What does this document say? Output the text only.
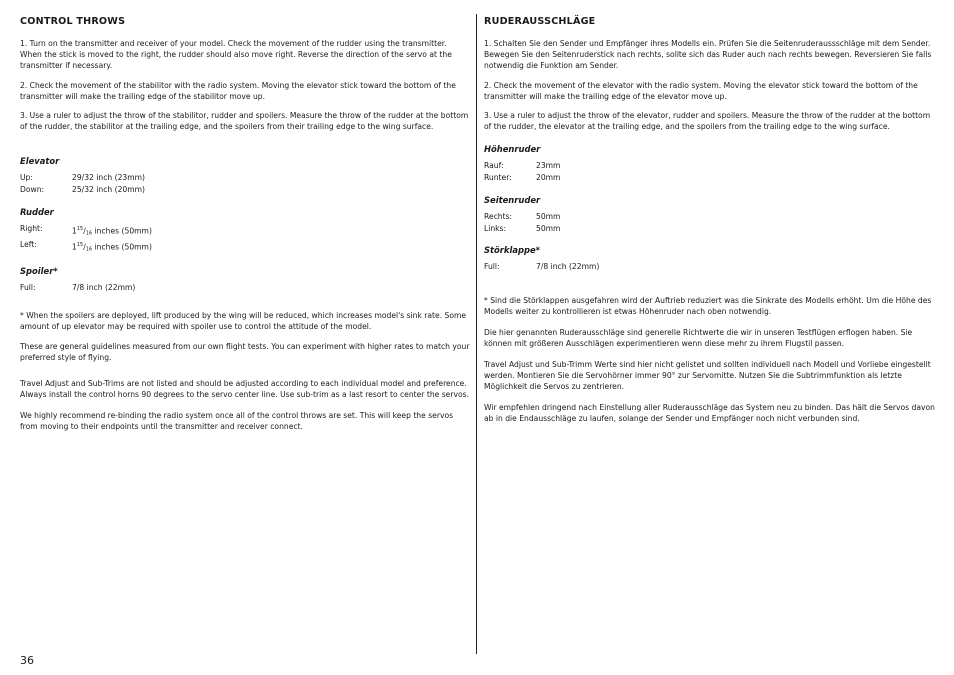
CONTROL THROWS

1. Turn on the transmitter and receiver of your model. Check the movement of the rudder using the transmitter. When the stick is moved to the right, the rudder should also move right. Reverse the direction of the servo at the transmitter if necessary.

2. Check the movement of the stabilitor with the radio system. Moving the elevator stick toward the bottom of the transmitter will make the trailing edge of the stabilitor move up.

3. Use a ruler to adjust the throw of the stabilitor, rudder and spoilers. Measure the throw of the rudder at the bottom of the rudder, the stabilitor at the trailing edge, and the spoilers from their trailing edge to the wing surface.

Elevator
Up:	29/32 inch (23mm)
Down:	25/32 inch (20mm)
Rudder
Right:	$1^{15}/_{16}$ inches (50mm)
Left:	$1^{15}/_{16}$ inches (50mm)
Spoiler*
Full:	7/8 inch (22mm)

* When the spoilers are deployed, lift produced by the wing will be reduced, which increases model's sink rate. Some amount of up elevator may be required with spoiler use to control the attitude of the model.

These are general guidelines measured from our own flight tests. You can experiment with higher rates to match your preferred style of flying.

Travel Adjust and Sub-Trims are not listed and should be adjusted according to each individual model and preference. Always install the control horns 90 degrees to the servo center line. Use sub-trim as a last resort to center the servos.

We highly recommend re-binding the radio system once all of the control throws are set. This will keep the servos from moving to their endpoints until the transmitter and receiver connect.

RUDERAUSSCHLÄGE

1. Schalten Sie den Sender und Empfänger ihres Modells ein. Prüfen Sie die Seitenruderaussschläge mit dem Sender. Bewegen Sie den Seitenruderstick nach rechts, sollte sich das Ruder auch nach rechts bewegen. Reversieren Sie falls notwendig die Funktion am Sender.

2. Check the movement of the elevator with the radio system. Moving the elevator stick toward the bottom of the transmitter will make the trailing edge of the elevator move up.

3. Use a ruler to adjust the throw of the elevator, rudder and spoilers. Measure the throw of the rudder at the bottom of the rudder, the elevator at the trailing edge, and the spoilers from the trailing edge to the wing surface.

Höhenruder
Rauf:	23mm
Runter:	20mm
Seitenruder
Rechts:	50mm
Links:	50mm
Störklappe*
Full:	7/8 inch (22mm)

* Sind die Störklappen ausgefahren wird der Auftrieb reduziert was die Sinkrate des Modells erhöht. Um die Höhe des Modells weiter zu kontrollieren ist etwas Höhenruder nach oben notwendig.

Die hier genannten Ruderausschläge sind generelle Richtwerte die wir in unseren Testflügen erflogen haben. Sie können mit größeren Ausschlägen experimentieren wenn diese mehr zu ihrem Flugstil passen.

Travel Adjust und Sub-Trimm Werte sind hier nicht gelistet und sollten individuell nach Modell und Vorliebe eingestellt werden. Montieren Sie die Servohörner immer 90° zur Servomitte. Nutzen Sie die Subtrimmfunktion als letzte Möglichkeit die Servos zu zentrieren.

Wir empfehlen dringend nach Einstellung aller Ruderausschläge das System neu zu binden. Das hält die Servos davon ab in die Endausschläge zu laufen, solange der Sender und Empfänger noch nicht verbunden sind.

36
